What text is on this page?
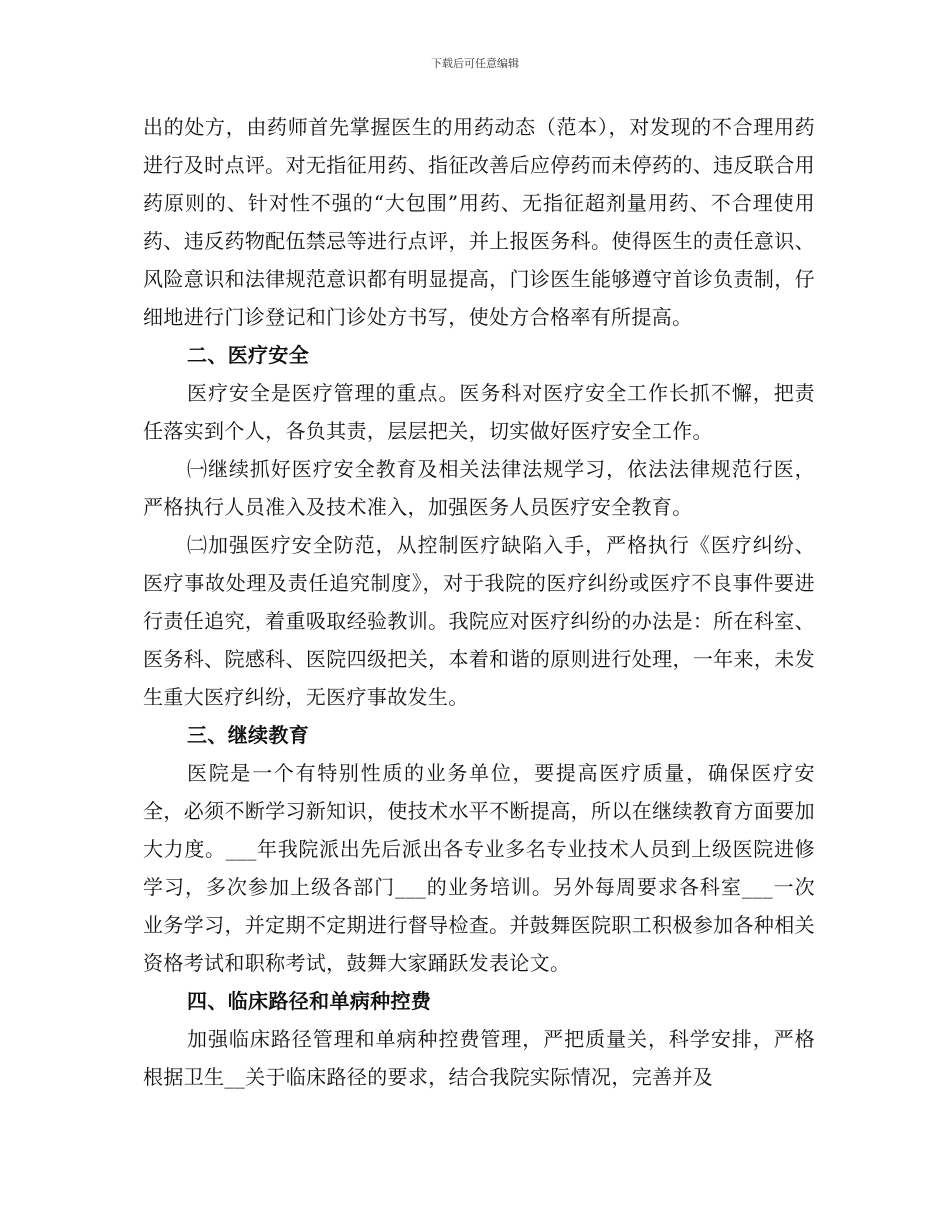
下载后可任意编辑

出的处方，由药师首先掌握医生的用药动态（范本），对发现的不合理用药进行及时点评。对无指征用药、指征改善后应停药而未停药的、违反联合用药原则的、针对性不强的“大包围”用药、无指征超剂量用药、不合理使用药、违反药物配伍禁忌等进行点评，并上报医务科。使得医生的责任意识、风险意识和法律规范意识都有明显提高，门诊医生能够遵守首诊负责制，仔细地进行门诊登记和门诊处方书写，使处方合格率有所提高。

二、医疗安全

医疗安全是医疗管理的重点。医务科对医疗安全工作长抓不懈，把责任落实到个人，各负其责，层层把关，切实做好医疗安全工作。

㈠继续抓好医疗安全教育及相关法律法规学习，依法法律规范行医，严格执行人员准入及技术准入，加强医务人员医疗安全教育。

㈡加强医疗安全防范，从控制医疗缺陷入手，严格执行《医疗纠纷、医疗事故处理及责任追究制度》，对于我院的医疗纠纷或医疗不良事件要进行责任追究，着重吸取经验教训。我院应对医疗纠纷的办法是：所在科室、医务科、院感科、医院四级把关，本着和谐的原则进行处理，一年来，未发生重大医疗纠纷，无医疗事故发生。

三、继续教育

医院是一个有特别性质的业务单位，要提高医疗质量，确保医疗安全，必须不断学习新知识，使技术水平不断提高，所以在继续教育方面要加大力度。___年我院派出先后派出各专业多名专业技术人员到上级医院进修学习，多次参加上级各部门___的业务培训。另外每周要求各科室___一次业务学习，并定期不定期进行督导检查。并鼓舞医院职工积极参加各种相关资格考试和职称考试，鼓舞大家踊跃发表论文。

四、临床路径和单病种控费

加强临床路径管理和单病种控费管理，严把质量关，科学安排，严格根据卫生__关于临床路径的要求，结合我院实际情况，完善并及
